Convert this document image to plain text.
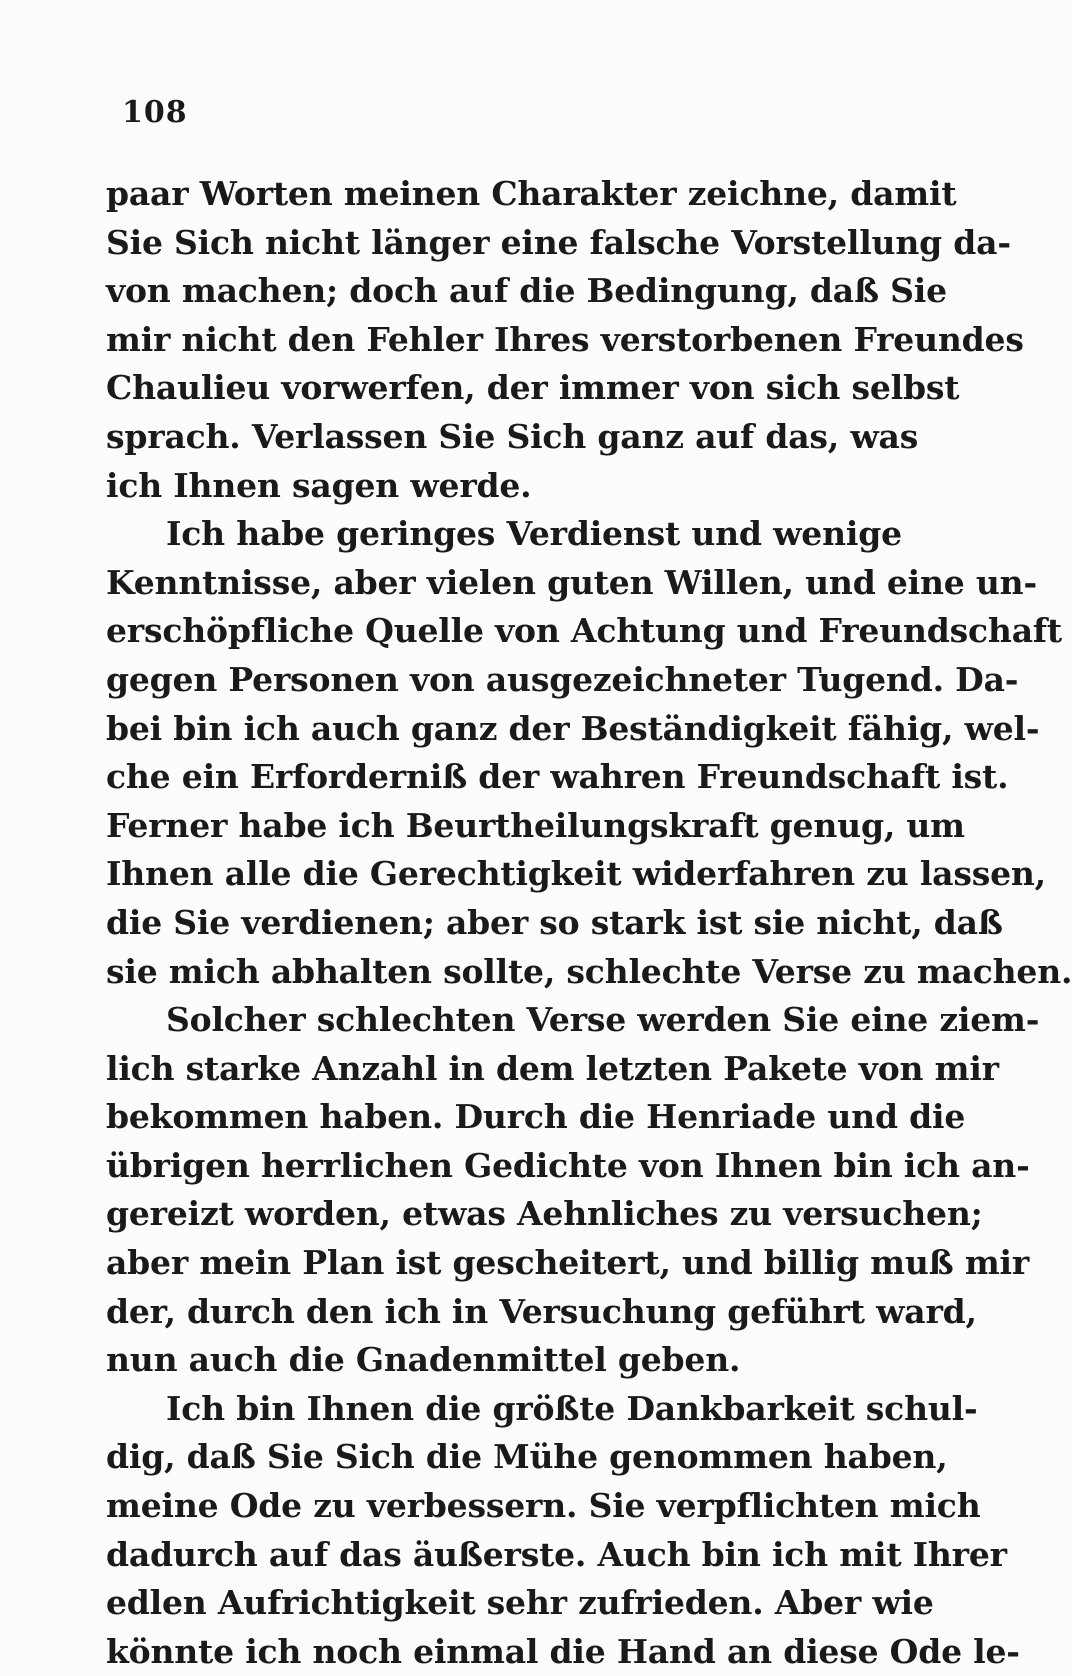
108
paar Worten meinen Charakter zeichne, damit
Sie Sich nicht länger eine falsche Vorstellung da-
von machen; doch auf die Bedingung, daß Sie
mir nicht den Fehler Ihres verstorbenen Freundes
Chaulieu vorwerfen, der immer von sich selbst
sprach. Verlassen Sie Sich ganz auf das, was
ich Ihnen sagen werde.
Ich habe geringes Verdienst und wenige
Kenntnisse, aber vielen guten Willen, und eine un-
erschöpfliche Quelle von Achtung und Freundschaft
gegen Personen von ausgezeichneter Tugend. Da-
bei bin ich auch ganz der Beständigkeit fähig, wel-
che ein Erforderniß der wahren Freundschaft ist.
Ferner habe ich Beurtheilungskraft genug, um
Ihnen alle die Gerechtigkeit widerfahren zu lassen,
die Sie verdienen; aber so stark ist sie nicht, daß
sie mich abhalten sollte, schlechte Verse zu machen.
Solcher schlechten Verse werden Sie eine ziem-
lich starke Anzahl in dem letzten Pakete von mir
bekommen haben. Durch die Henriade und die
übrigen herrlichen Gedichte von Ihnen bin ich an-
gereizt worden, etwas Aehnliches zu versuchen;
aber mein Plan ist gescheitert, und billig muß mir
der, durch den ich in Versuchung geführt ward,
nun auch die Gnadenmittel geben.
Ich bin Ihnen die größte Dankbarkeit schul-
dig, daß Sie Sich die Mühe genommen haben,
meine Ode zu verbessern. Sie verpflichten mich
dadurch auf das äußerste. Auch bin ich mit Ihrer
edlen Aufrichtigkeit sehr zufrieden. Aber wie
könnte ich noch einmal die Hand an diese Ode le-
